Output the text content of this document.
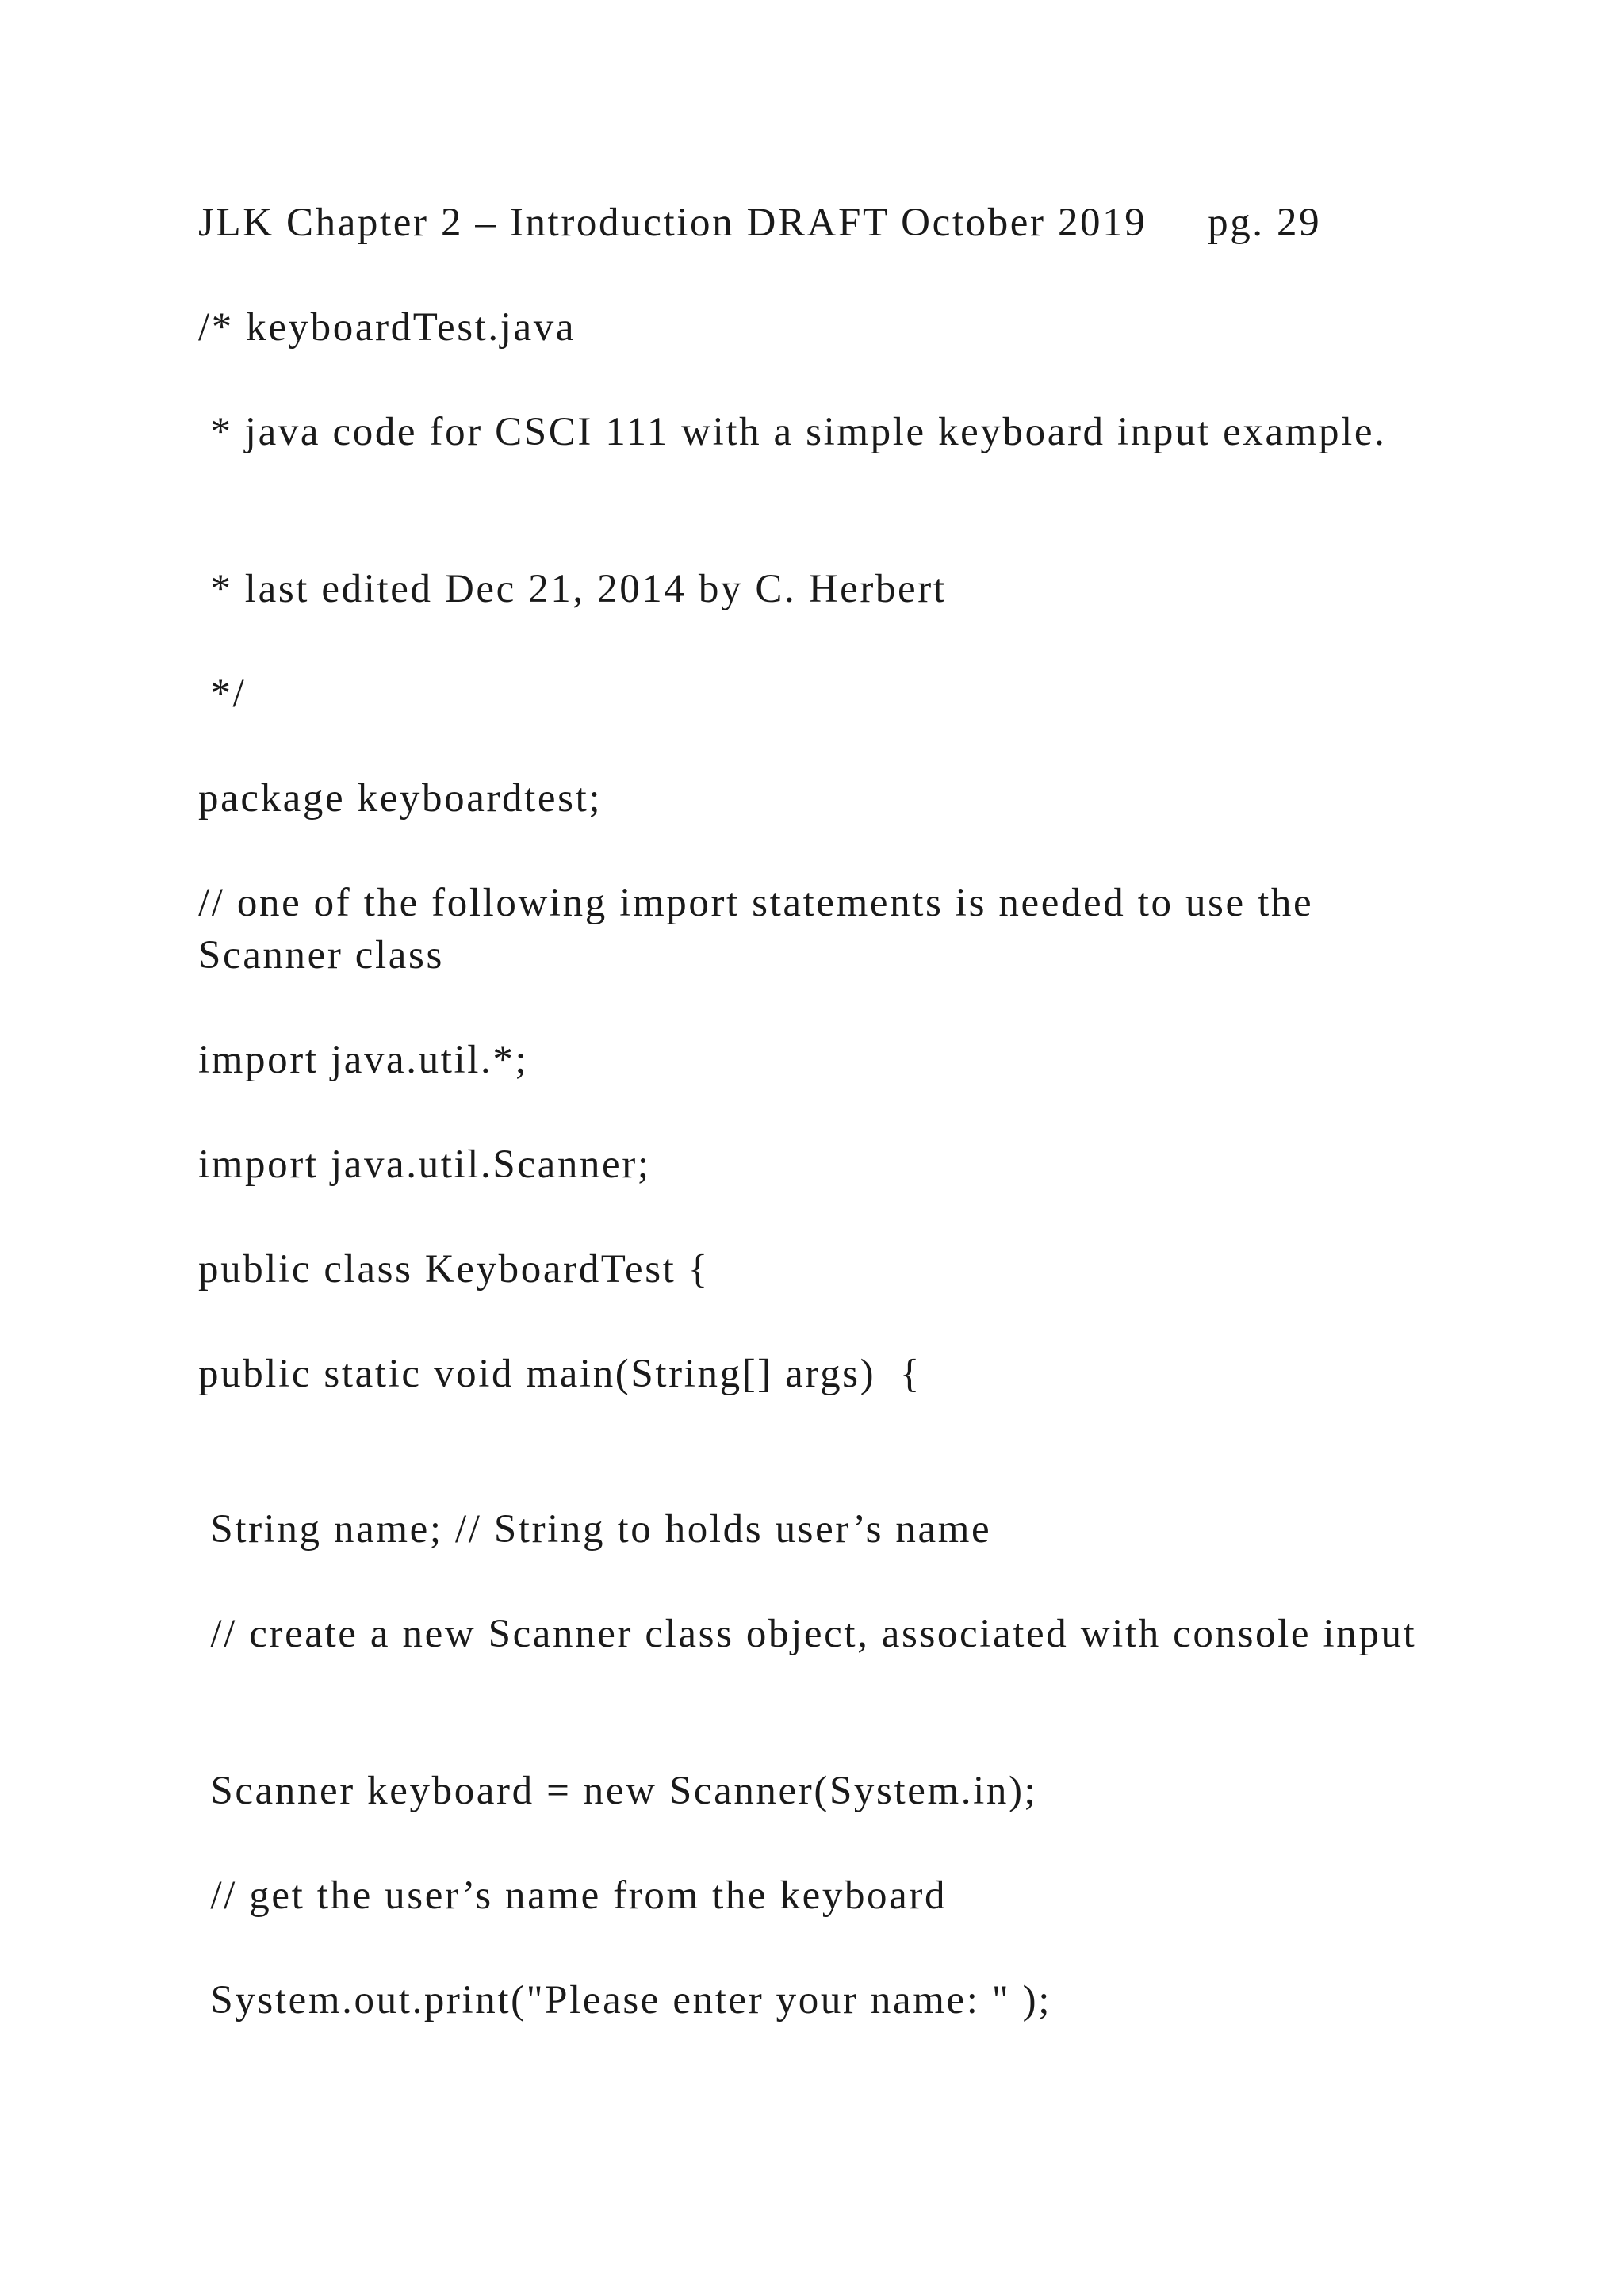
JLK Chapter 2 – Introduction DRAFT October 2019     pg. 29

/* keyboardTest.java

* java code for CSCI 111 with a simple keyboard input example.

* last edited Dec 21, 2014 by C. Herbert

*/

package keyboardtest;

// one of the following import statements is needed to use the Scanner class

import java.util.*;

import java.util.Scanner;

public class KeyboardTest {

public static void main(String[] args)  {

String name; // String to holds user’s name

// create a new Scanner class object, associated with console input

Scanner keyboard = new Scanner(System.in);

// get the user’s name from the keyboard

System.out.print("Please enter your name: " );
